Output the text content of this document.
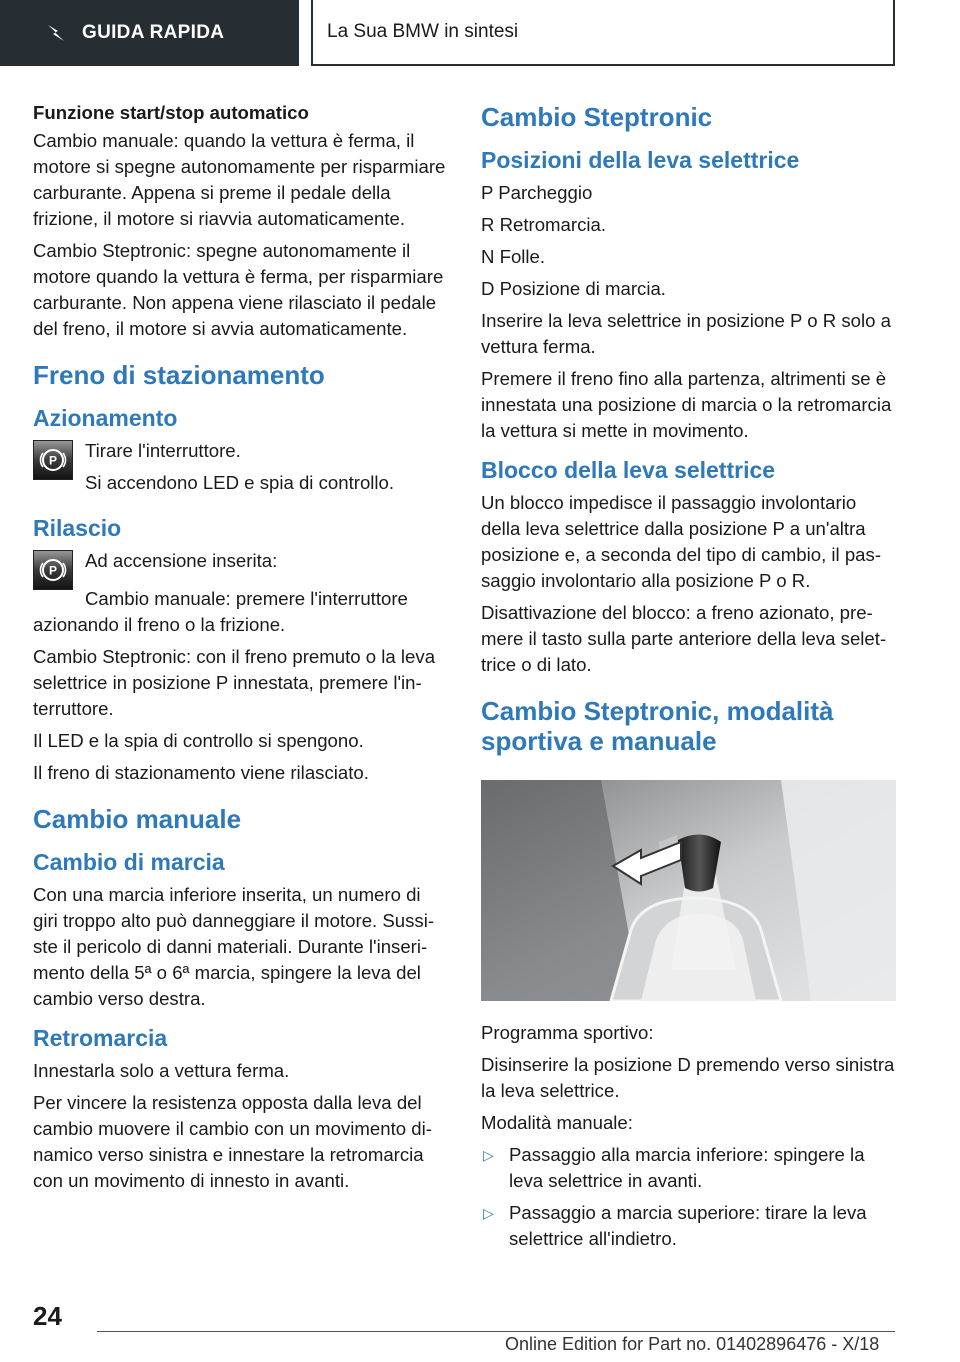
GUIDA RAPIDA	La Sua BMW in sintesi
Funzione start/stop automatico

Cambio manuale: quando la vettura è ferma, il motore si spegne autonomamente per risparmiare carburante. Appena si preme il pedale della frizione, il motore si riavvia automaticamente.

Cambio Steptronic: spegne autonomamente il motore quando la vettura è ferma, per risparmiare carburante. Non appena viene rilasciato il pedale del freno, il motore si avvia automaticamente.

Freno di stazionamento
Azionamento
P Tirare l'interruttore.

Si accendono LED e spia di controllo.

Rilascio
P Ad accensione inserita:

Cambio manuale: premere l'interruttore azionando il freno o la frizione.

Cambio Steptronic: con il freno premuto o la leva selettrice in posizione P innestata, premere l'interruttore.

Il LED e la spia di controllo si spengono.

Il freno di stazionamento viene rilasciato.

Cambio manuale
Cambio di marcia

Con una marcia inferiore inserita, un numero di giri troppo alto può danneggiare il motore. Sussiste il pericolo di danni materiali. Durante l'inserimento della 5ª o 6ª marcia, spingere la leva del cambio verso destra.

Retromarcia

Innestarla solo a vettura ferma.

Per vincere la resistenza opposta dalla leva del cambio muovere il cambio con un movimento dinamico verso sinistra e innestare la retromarcia con un movimento di innesto in avanti.

Cambio Steptronic
Posizioni della leva selettrice

P Parcheggio

R Retromarcia.

N Folle.

D Posizione di marcia.

Inserire la leva selettrice in posizione P o R solo a vettura ferma.

Premere il freno fino alla partenza, altrimenti se è innestata una posizione di marcia o la retromarcia la vettura si mette in movimento.

Blocco della leva selettrice

Un blocco impedisce il passaggio involontario della leva selettrice dalla posizione P a un'altra posizione e, a seconda del tipo di cambio, il passaggio involontario alla posizione P o R.

Disattivazione del blocco: a freno azionato, premere il tasto sulla parte anteriore della leva selettrice o di lato.

Cambio Steptronic, modalità sportiva e manuale

Programma sportivo:

Disinserire la posizione D premendo verso sinistra la leva selettrice.

Modalità manuale:

▷ Passaggio alla marcia inferiore: spingere la leva selettrice in avanti.
▷ Passaggio a marcia superiore: tirare la leva selettrice all'indietro.
24
Online Edition for Part no. 01402896476 - X/18
